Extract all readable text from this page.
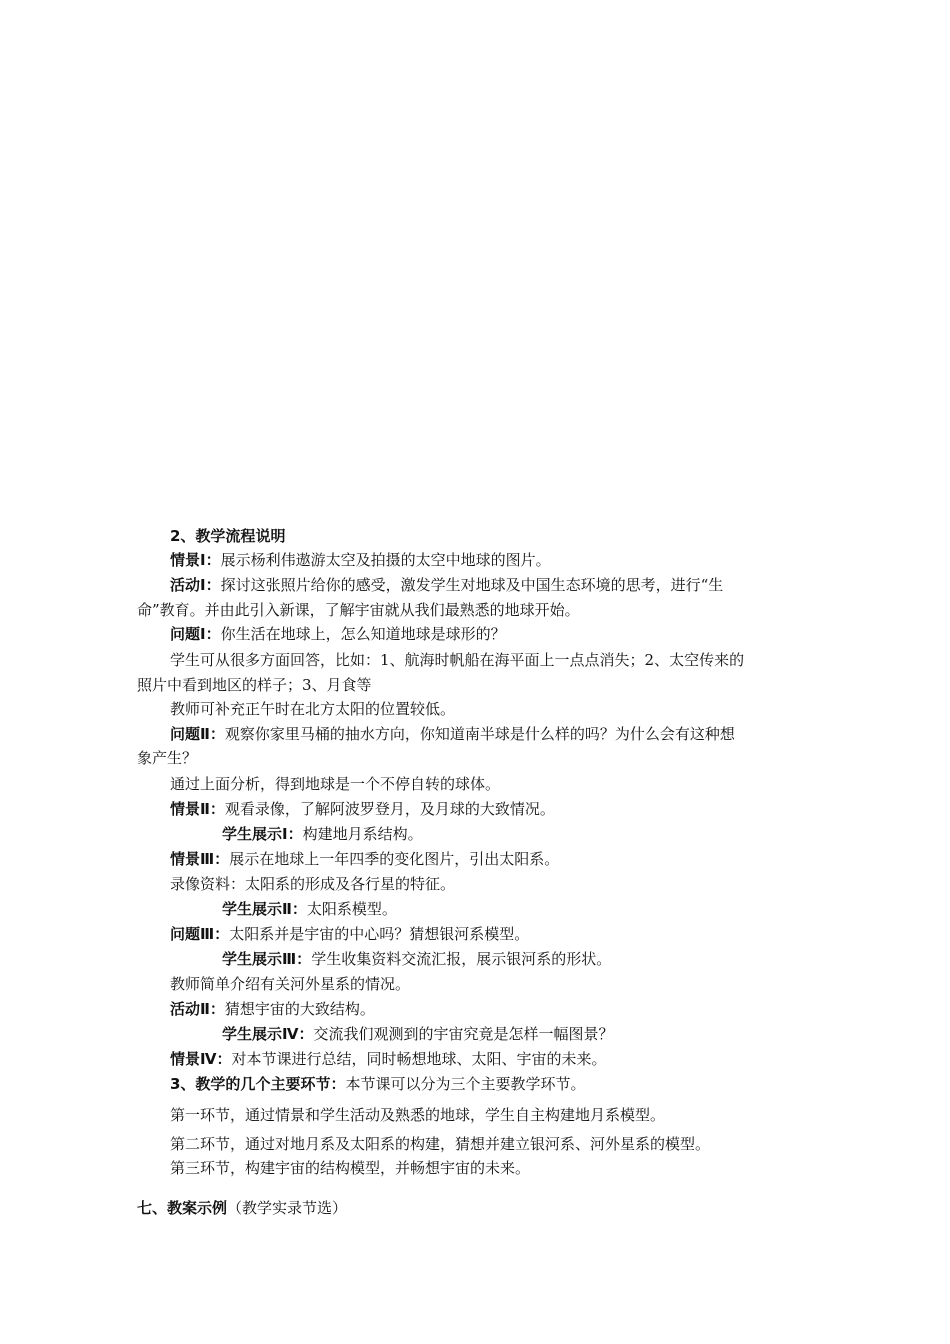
2、教学流程说明
情景Ⅰ：展示杨利伟遨游太空及拍摄的太空中地球的图片。
活动Ⅰ：探讨这张照片给你的感受，激发学生对地球及中国生态环境的思考，进行“生
命”教育。并由此引入新课，了解宇宙就从我们最熟悉的地球开始。
问题Ⅰ：你生活在地球上，怎么知道地球是球形的？
学生可从很多方面回答，比如：1、航海时帆船在海平面上一点点消失；2、太空传来的
照片中看到地区的样子；3、月食等
教师可补充正午时在北方太阳的位置较低。
问题Ⅱ：观察你家里马桶的抽水方向，你知道南半球是什么样的吗？为什么会有这种想
象产生？
通过上面分析，得到地球是一个不停自转的球体。
情景Ⅱ：观看录像，了解阿波罗登月，及月球的大致情况。
学生展示Ⅰ：构建地月系结构。
情景Ⅲ：展示在地球上一年四季的变化图片，引出太阳系。
录像资料：太阳系的形成及各行星的特征。
学生展示Ⅱ：太阳系模型。
问题Ⅲ：太阳系并是宇宙的中心吗？猜想银河系模型。
学生展示Ⅲ：学生收集资料交流汇报，展示银河系的形状。
教师简单介绍有关河外星系的情况。
活动Ⅱ：猜想宇宙的大致结构。
学生展示Ⅳ：交流我们观测到的宇宙究竟是怎样一幅图景？
情景Ⅳ：对本节课进行总结，同时畅想地球、太阳、宇宙的未来。
3、教学的几个主要环节：本节课可以分为三个主要教学环节。
第一环节，通过情景和学生活动及熟悉的地球，学生自主构建地月系模型。
第二环节，通过对地月系及太阳系的构建，猜想并建立银河系、河外星系的模型。
第三环节，构建宇宙的结构模型，并畅想宇宙的未来。
七、教案示例（教学实录节选）
